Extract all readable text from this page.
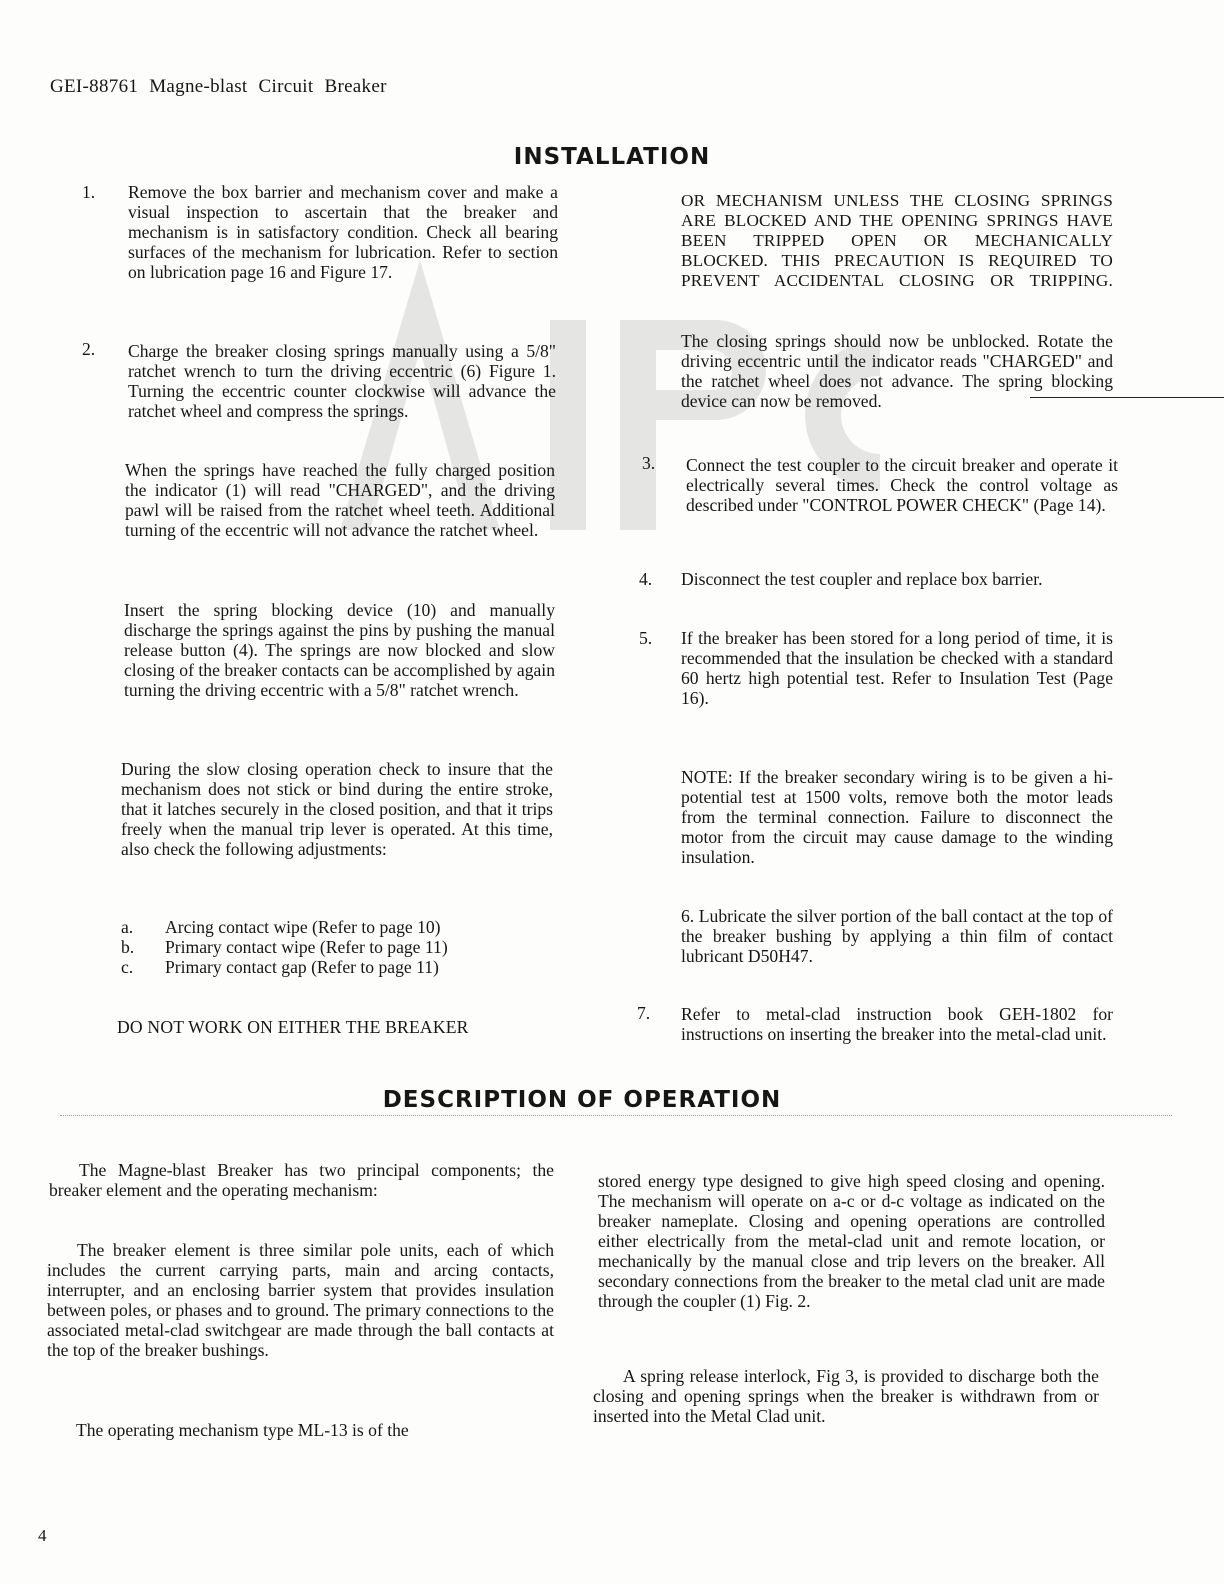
GEI-88761 Magne-blast Circuit Breaker
INSTALLATION
1. Remove the box barrier and mechanism cover and make a visual inspection to ascertain that the breaker and mechanism is in satisfactory condition. Check all bearing surfaces of the mechanism for lubrication. Refer to section on lubrication page 16 and Figure 17.
2. Charge the breaker closing springs manually using a 5/8" ratchet wrench to turn the driving eccentric (6) Figure 1. Turning the eccentric counter clockwise will advance the ratchet wheel and compress the springs.
When the springs have reached the fully charged position the indicator (1) will read "CHARGED", and the driving pawl will be raised from the ratchet wheel teeth. Additional turning of the eccentric will not advance the ratchet wheel.
Insert the spring blocking device (10) and manually discharge the springs against the pins by pushing the manual release button (4). The springs are now blocked and slow closing of the breaker contacts can be accomplished by again turning the driving eccentric with a 5/8" ratchet wrench.
During the slow closing operation check to insure that the mechanism does not stick or bind during the entire stroke, that it latches securely in the closed position, and that it trips freely when the manual trip lever is operated. At this time, also check the following adjustments:
a.	Arcing contact wipe (Refer to page 10)
b.	Primary contact wipe (Refer to page 11)
c.	Primary contact gap (Refer to page 11)
DO NOT WORK ON EITHER THE BREAKER
OR MECHANISM UNLESS THE CLOSING SPRINGS ARE BLOCKED AND THE OPENING SPRINGS HAVE BEEN TRIPPED OPEN OR MECHANICALLY BLOCKED. THIS PRECAUTION IS REQUIRED TO PREVENT ACCIDENTAL CLOSING OR TRIPPING.
The closing springs should now be unblocked. Rotate the driving eccentric until the indicator reads "CHARGED" and the ratchet wheel does not advance. The spring blocking device can now be removed.
3. Connect the test coupler to the circuit breaker and operate it electrically several times. Check the control voltage as described under "CONTROL POWER CHECK" (Page 14).
4. Disconnect the test coupler and replace box barrier.
5. If the breaker has been stored for a long period of time, it is recommended that the insulation be checked with a standard 60 hertz high potential test. Refer to Insulation Test (Page 16).
NOTE: If the breaker secondary wiring is to be given a hi-potential test at 1500 volts, remove both the motor leads from the terminal connection. Failure to disconnect the motor from the circuit may cause damage to the winding insulation.
6. Lubricate the silver portion of the ball contact at the top of the breaker bushing by applying a thin film of contact lubricant D50H47.
7. Refer to metal-clad instruction book GEH-1802 for instructions on inserting the breaker into the metal-clad unit.
DESCRIPTION OF OPERATION
The Magne-blast Breaker has two principal components; the breaker element and the operating mechanism:
The breaker element is three similar pole units, each of which includes the current carrying parts, main and arcing contacts, interrupter, and an enclosing barrier system that provides insulation between poles, or phases and to ground. The primary connections to the associated metal-clad switchgear are made through the ball contacts at the top of the breaker bushings.
The operating mechanism type ML-13 is of the
stored energy type designed to give high speed closing and opening. The mechanism will operate on a-c or d-c voltage as indicated on the breaker nameplate. Closing and opening operations are controlled either electrically from the metal-clad unit and remote location, or mechanically by the manual close and trip levers on the breaker. All secondary connections from the breaker to the metal clad unit are made through the coupler (1) Fig. 2.
A spring release interlock, Fig 3, is provided to discharge both the closing and opening springs when the breaker is withdrawn from or inserted into the Metal Clad unit.
4
